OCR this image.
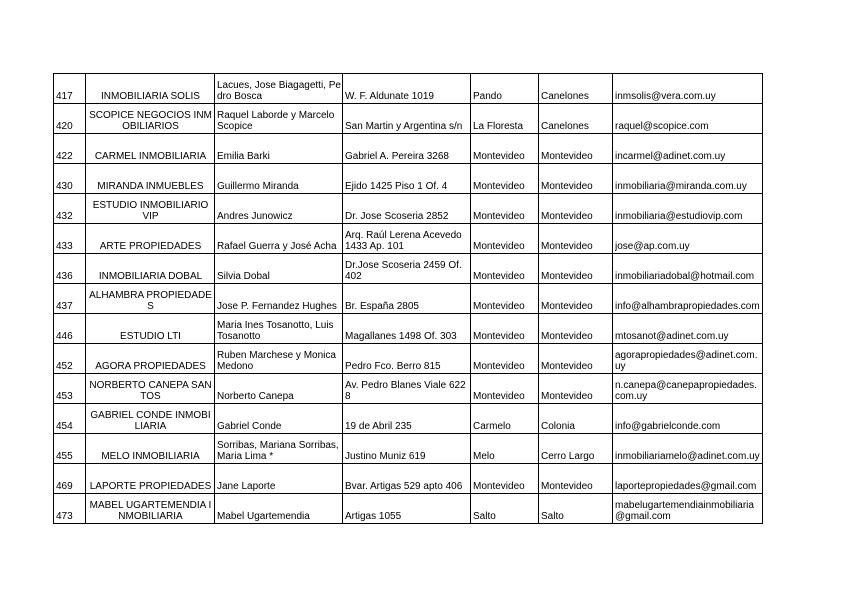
417	INMOBILIARIA SOLIS	Lacues, Jose Biagagetti, Pedro Bosca	W. F. Aldunate 1019	Pando	Canelones	inmsolis@vera.com.uy

420	SCOPICE NEGOCIOS INMOBILIARIOS	Raquel Laborde y Marcelo Scopice	San Martin y Argentina s/n	La Floresta	Canelones	raquel@scopice.com

422	CARMEL INMOBILIARIA	Emilia Barki	Gabriel A. Pereira 3268	Montevideo	Montevideo	incarmel@adinet.com.uy

430	MIRANDA INMUEBLES	Guillermo Miranda	Ejido 1425 Piso 1 Of. 4	Montevideo	Montevideo	inmobiliaria@miranda.com.uy

432	ESTUDIO INMOBILIARIO VIP	Andres Junowicz	Dr. Jose Scoseria 2852	Montevideo	Montevideo	inmobiliaria@estudiovip.com

433	ARTE PROPIEDADES	Rafael Guerra y José Acha	Arq. Raúl Lerena Acevedo 1433 Ap. 101	Montevideo	Montevideo	jose@ap.com.uy

436	INMOBILIARIA DOBAL	Silvia Dobal	Dr.Jose Scoseria 2459 Of. 402	Montevideo	Montevideo	inmobiliariadobal@hotmail.com

437	ALHAMBRA PROPIEDADES	Jose P. Fernandez Hughes	Br. España 2805	Montevideo	Montevideo	info@alhambrapropiedades.com

446	ESTUDIO LTI	Maria Ines Tosanotto, Luis Tosanotto	Magallanes 1498 Of. 303	Montevideo	Montevideo	mtosanot@adinet.com.uy

452	AGORA PROPIEDADES	Ruben Marchese y Monica Medono	Pedro Fco. Berro 815	Montevideo	Montevideo	agorapropiedades@adinet.com.uy

453	NORBERTO CANEPA SANTOS	Norberto Canepa	Av. Pedro Blanes Viale 6228	Montevideo	Montevideo	n.canepa@canepapropiedades.com.uy

454	GABRIEL CONDE INMOBILIARIA	Gabriel Conde	19 de Abril 235	Carmelo	Colonia	info@gabrielconde.com

455	MELO INMOBILIARIA	Sorribas, Mariana Sorribas, Maria Lima *	Justino Muniz 619	Melo	Cerro Largo	inmobiliariamelo@adinet.com.uy

469	LAPORTE PROPIEDADES	Jane Laporte	Bvar. Artigas 529 apto 406	Montevideo	Montevideo	laportepropiedades@gmail.com

473	MABEL UGARTEMENDIA INMOBILIARIA	Mabel Ugartemendia	Artigas 1055	Salto	Salto	mabelugartemendiainmobiliaria@gmail.com
